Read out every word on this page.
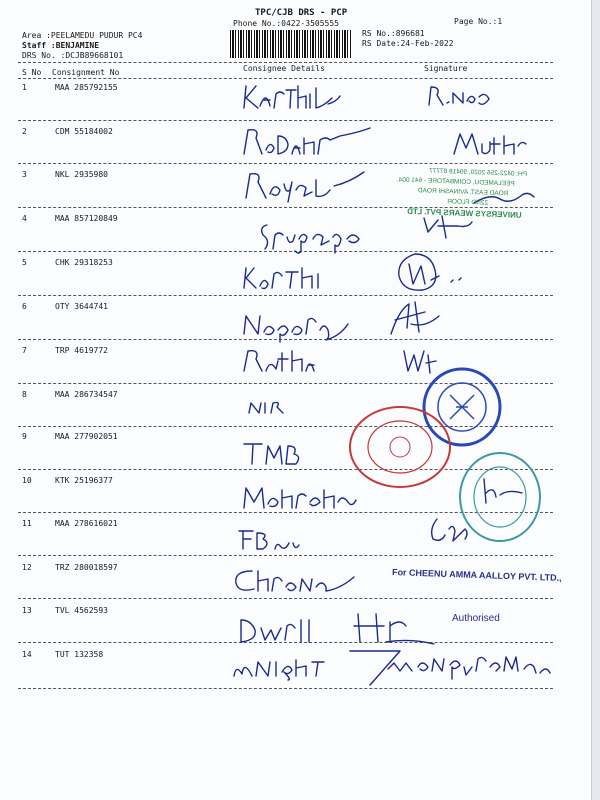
TPC/CJB DRS - PCP
Phone No.:0422-3505555	Page No.:1
Area :PEELAMEDU PUDUR PC4
Staff :BENJAMINE
DRS No. :DCJB89668101
RS No.:896681
RS Date:24-Feb-2022
S No Consignment No	Consignee Details	Signature
1	MAA 285792155
2	CDM 55184002
3	NKL 2935980
4	MAA 857120849
5	CHK 29318253
6	OTY 3644741
7	TRP 4619772
8	MAA 286734547
9	MAA 277902051
10	KTK 25196377
11	MAA 278616021
12	TRZ 280018597
13	TVL 4562593
14	TUT 132358
PH: 0422-256 2020, 99418 87777
PEELAMEDU, COIMBATORE - 641 004.
ROAD EAST, AVINASHI ROAD
22ND FLOOR
UNIVERSYS WEARS PVT. LTD
For CHEENU AMMA AALLOY PVT. LTD.,
Authorised
